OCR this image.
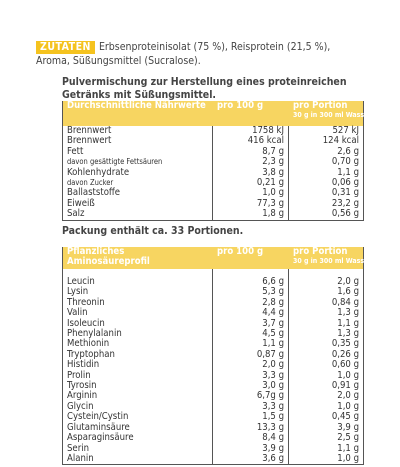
ZUTATEN Erbsenproteinisolat (75 %), Reisprotein (21,5 %), Aroma, Süßungsmittel (Sucralose).
Pulvermischung zur Herstellung eines proteinreichen Getränks mit Süßungsmittel.
Durchschnittliche Nährwerte	pro 100 g	pro Portion
30 g in 300 ml Wasser

Brennwert	1758 kJ	527 kJ
Brennwert	416 kcal	124 kcal
Fett	8,7 g	2,6 g
davon gesättigte Fettsäuren	2,3 g	0,70 g
Kohlenhydrate	3,8 g	1,1 g
davon Zucker	0,21 g	0,06 g
Ballaststoffe	1,0 g	0,31 g
Eiweiß	77,3 g	23,2 g
Salz	1,8 g	0,56 g
Packung enthält ca. 33 Portionen.
Pflanzliches Aminosäureprofil	pro 100 g	pro Portion
30 g in 300 ml Wasser

Leucin	6,6 g	2,0 g
Lysin	5,3 g	1,6 g
Threonin	2,8 g	0,84 g
Valin	4,4 g	1,3 g
Isoleucin	3,7 g	1,1 g
Phenylalanin	4,5 g	1,3 g
Methionin	1,1 g	0,35 g
Tryptophan	0,87 g	0,26 g
Histidin	2,0 g	0,60 g
Prolin	3,3 g	1,0 g
Tyrosin	3,0 g	0,91 g
Arginin	6,7g g	2,0 g
Glycin	3,3 g	1,0 g
Cystein/Cystin	1,5 g	0,45 g
Glutaminsäure	13,3 g	3,9 g
Asparaginsäure	8,4 g	2,5 g
Serin	3,9 g	1,1 g
Alanin	3,6 g	1,0 g
